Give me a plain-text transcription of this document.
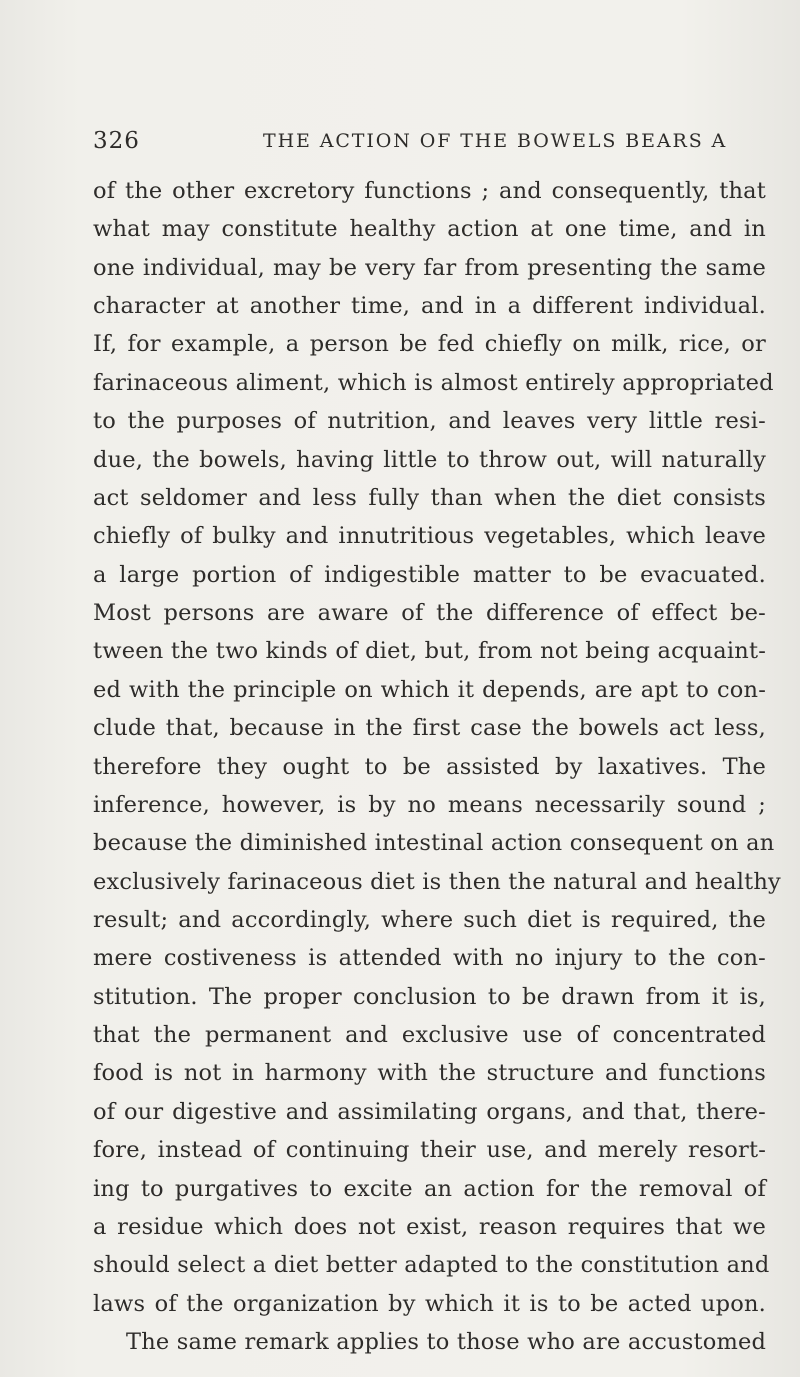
326	THE ACTION OF THE BOWELS BEARS A
of the other excretory functions ; and consequently, that
what may constitute healthy action at one time, and in
one individual, may be very far from presenting the same
character at another time, and in a different individual.
If, for example, a person be fed chiefly on milk, rice, or
farinaceous aliment, which is almost entirely appropriated
to the purposes of nutrition, and leaves very little resi-
due, the bowels, having little to throw out, will naturally
act seldomer and less fully than when the diet consists
chiefly of bulky and innutritious vegetables, which leave
a large portion of indigestible matter to be evacuated.
Most persons are aware of the difference of effect be-
tween the two kinds of diet, but, from not being acquaint-
ed with the principle on which it depends, are apt to con-
clude that, because in the first case the bowels act less,
therefore they ought to be assisted by laxatives. The
inference, however, is by no means necessarily sound ;
because the diminished intestinal action consequent on an
exclusively farinaceous diet is then the natural and healthy
result; and accordingly, where such diet is required, the
mere costiveness is attended with no injury to the con-
stitution. The proper conclusion to be drawn from it is,
that the permanent and exclusive use of concentrated
food is not in harmony with the structure and functions
of our digestive and assimilating organs, and that, there-
fore, instead of continuing their use, and merely resort-
ing to purgatives to excite an action for the removal of
a residue which does not exist, reason requires that we
should select a diet better adapted to the constitution and
laws of the organization by which it is to be acted upon.
The same remark applies to those who are accustomed
